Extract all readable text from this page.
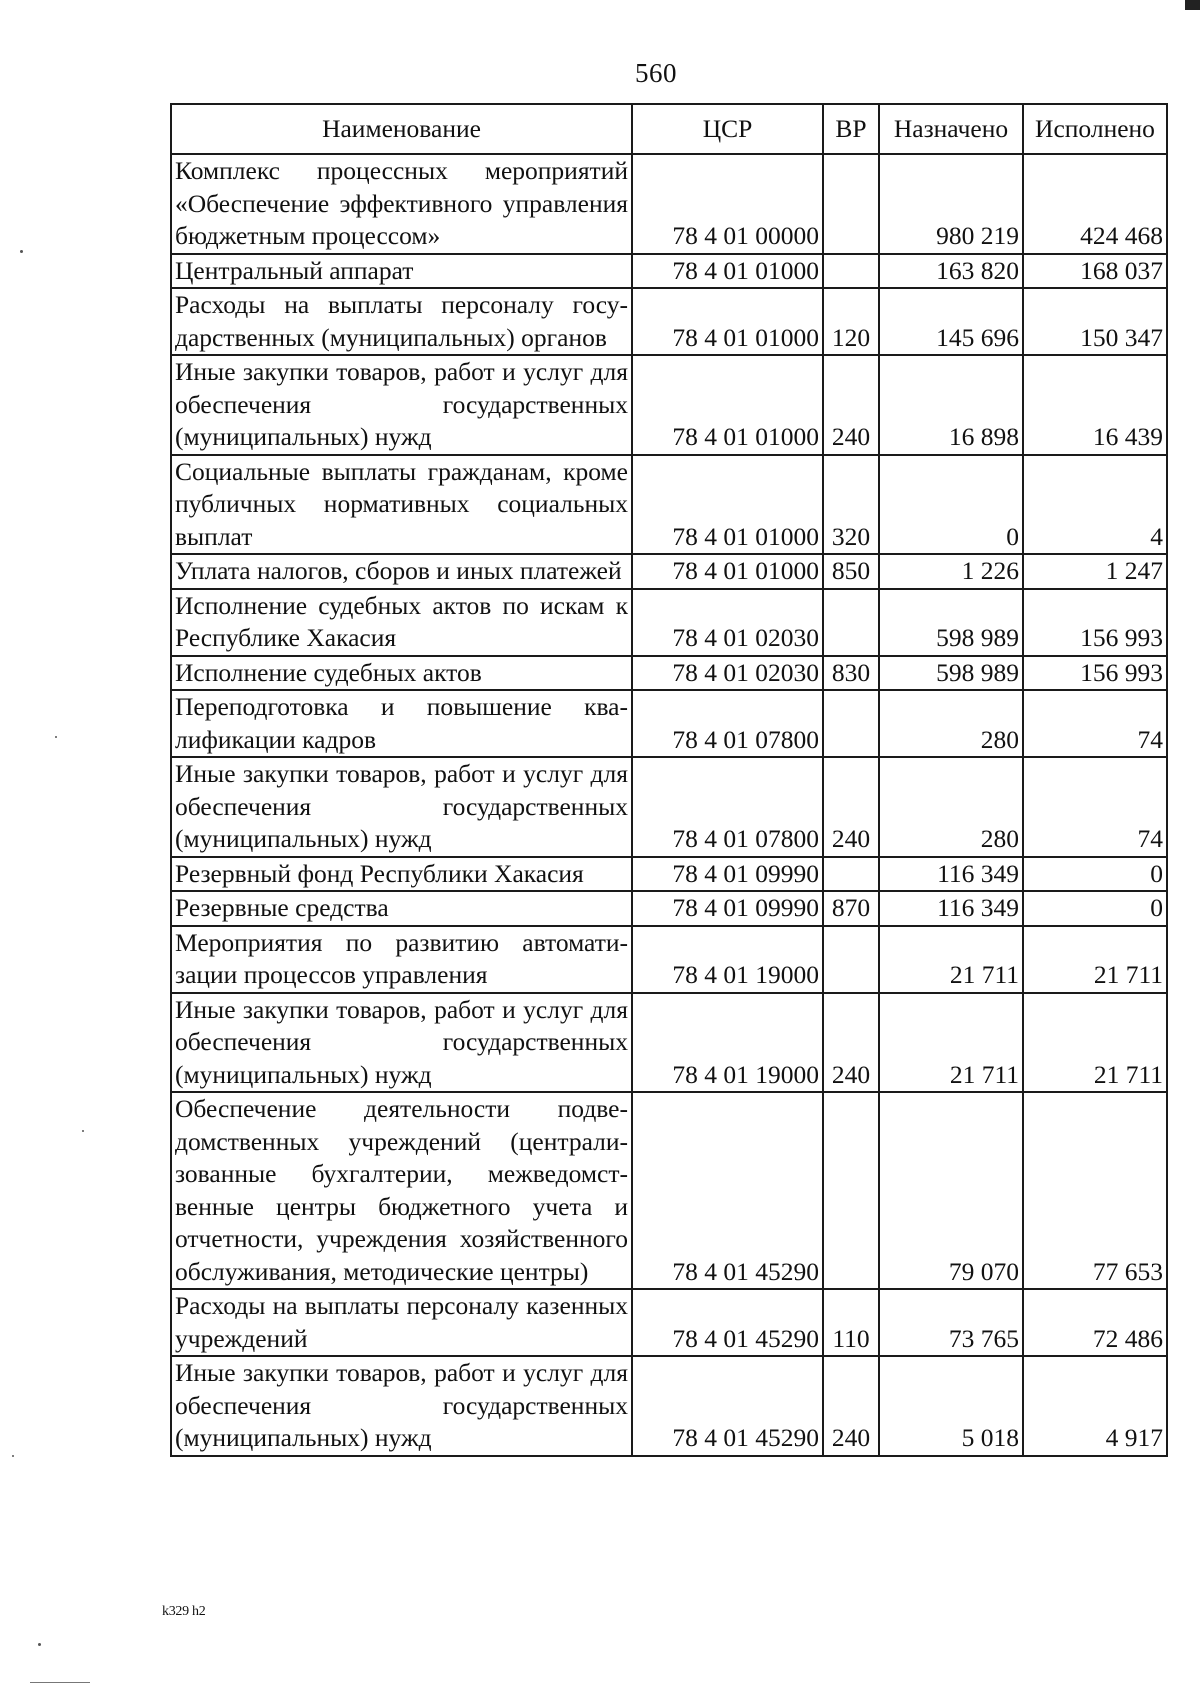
560
Наименование	ЦСР	ВР	Назначено	Исполнено
Комплекс процессных мероприятий «Обеспечение эффективного управления бюджетным процессом»	78 4 01 00000		980 219	424 468
Центральный аппарат	78 4 01 01000		163 820	168 037
Расходы на выплаты персоналу государственных (муниципальных) органов	78 4 01 01000	120	145 696	150 347
Иные закупки товаров, работ и услуг для обеспечения государственных (муниципальных) нужд	78 4 01 01000	240	16 898	16 439
Социальные выплаты гражданам, кроме публичных нормативных социальных выплат	78 4 01 01000	320	0	4
Уплата налогов, сборов и иных платежей	78 4 01 01000	850	1 226	1 247
Исполнение судебных актов по искам к Республике Хакасия	78 4 01 02030		598 989	156 993
Исполнение судебных актов	78 4 01 02030	830	598 989	156 993
Переподготовка и повышение квалификации кадров	78 4 01 07800		280	74
Иные закупки товаров, работ и услуг для обеспечения государственных (муниципальных) нужд	78 4 01 07800	240	280	74
Резервный фонд Республики Хакасия	78 4 01 09990		116 349	0
Резервные средства	78 4 01 09990	870	116 349	0
Мероприятия по развитию автоматизации процессов управления	78 4 01 19000		21 711	21 711
Иные закупки товаров, работ и услуг для обеспечения государственных (муниципальных) нужд	78 4 01 19000	240	21 711	21 711
Обеспечение деятельности подведомственных учреждений (централизованные бухгалтерии, межведомственные центры бюджетного учета и отчетности, учреждения хозяйственного обслуживания, методические центры)	78 4 01 45290		79 070	77 653
Расходы на выплаты персоналу казенных учреждений	78 4 01 45290	110	73 765	72 486
Иные закупки товаров, работ и услуг для обеспечения государственных (муниципальных) нужд	78 4 01 45290	240	5 018	4 917
k329 h2
